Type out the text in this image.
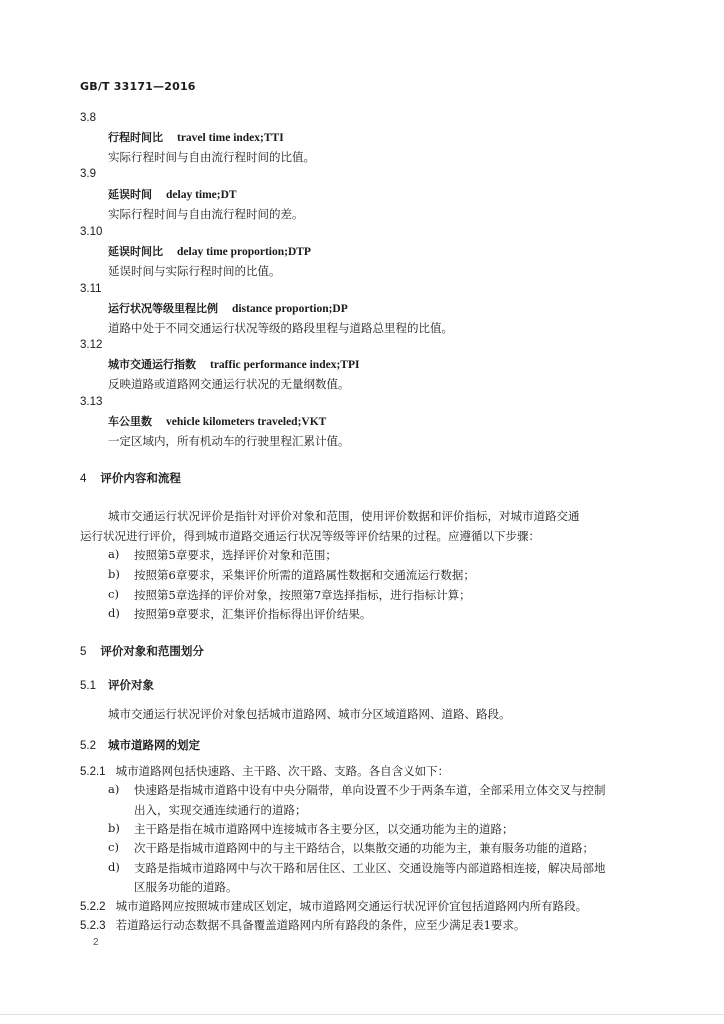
GB/T 33171—2016
3.8
行程时间比 travel time index;TTI
实际行程时间与自由流行程时间的比值。
3.9
延误时间 delay time;DT
实际行程时间与自由流行程时间的差。
3.10
延误时间比 delay time proportion;DTP
延误时间与实际行程时间的比值。
3.11
运行状况等级里程比例 distance proportion;DP
道路中处于不同交通运行状况等级的路段里程与道路总里程的比值。
3.12
城市交通运行指数 traffic performance index;TPI
反映道路或道路网交通运行状况的无量纲数值。
3.13
车公里数 vehicle kilometers traveled;VKT
一定区域内，所有机动车的行驶里程汇累计值。
4 评价内容和流程
城市交通运行状况评价是指针对评价对象和范围，使用评价数据和评价指标，对城市道路交通
运行状况进行评价，得到城市道路交通运行状况等级等评价结果的过程。应遵循以下步骤：
a) 按照第5章要求，选择评价对象和范围；
b) 按照第6章要求，采集评价所需的道路属性数据和交通流运行数据；
c) 按照第5章选择的评价对象，按照第7章选择指标，进行指标计算；
d) 按照第9章要求，汇集评价指标得出评价结果。
5 评价对象和范围划分
5.1 评价对象
城市交通运行状况评价对象包括城市道路网、城市分区域道路网、道路、路段。
5.2 城市道路网的划定
5.2.1 城市道路网包括快速路、主干路、次干路、支路。各自含义如下：
a) 快速路是指城市道路中设有中央分隔带，单向设置不少于两条车道，全部采用立体交叉与控制
出入，实现交通连续通行的道路；
b) 主干路是指在城市道路网中连接城市各主要分区，以交通功能为主的道路；
c) 次干路是指城市道路网中的与主干路结合，以集散交通的功能为主，兼有服务功能的道路；
d) 支路是指城市道路网中与次干路和居住区、工业区、交通设施等内部道路相连接，解决局部地
区服务功能的道路。
5.2.2 城市道路网应按照城市建成区划定，城市道路网交通运行状况评价宜包括道路网内所有路段。
5.2.3 若道路运行动态数据不具备覆盖道路网内所有路段的条件，应至少满足表1要求。
2
